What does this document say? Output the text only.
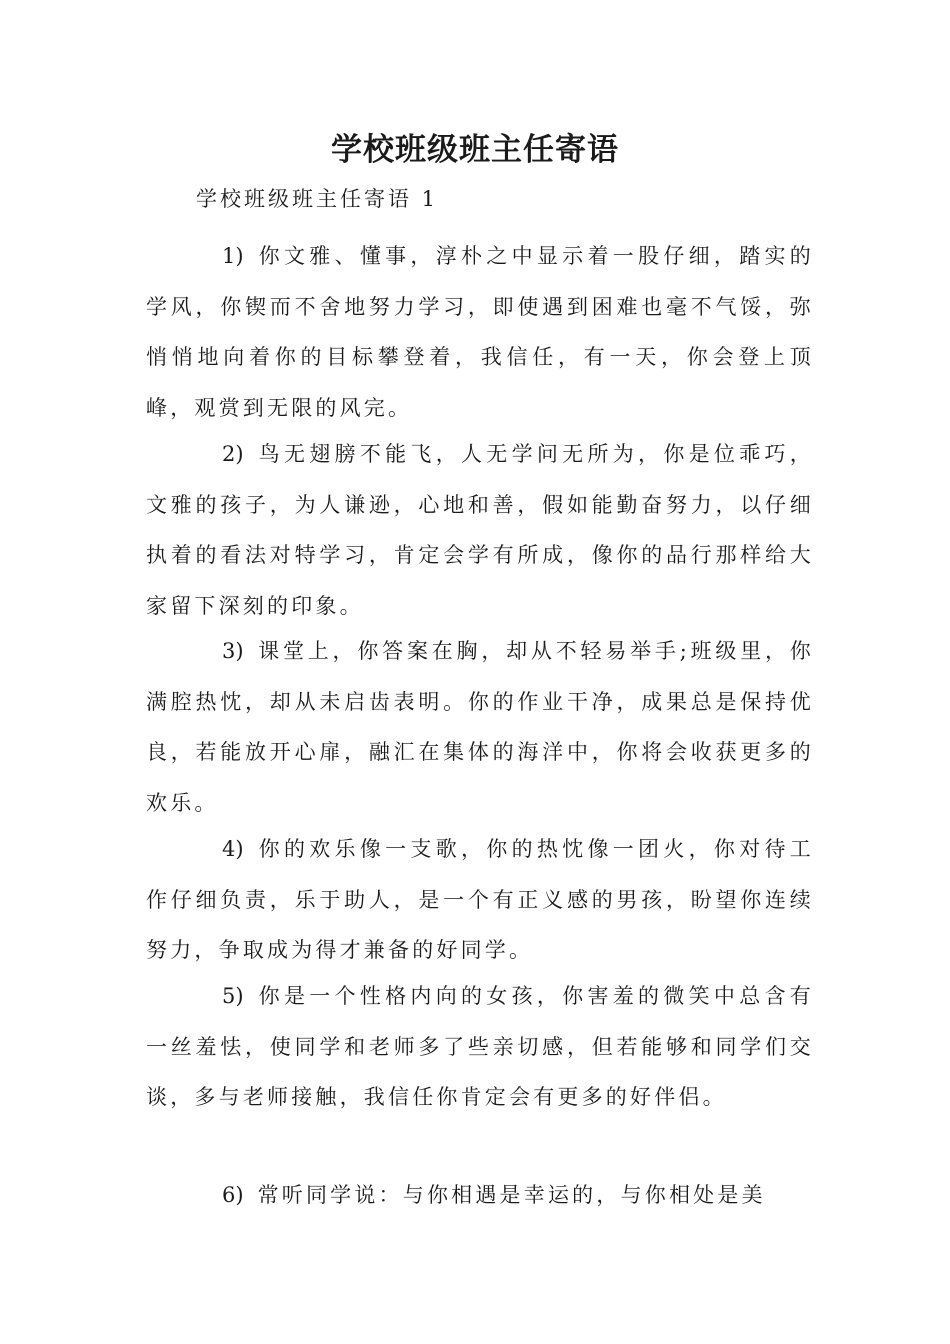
学校班级班主任寄语

学校班级班主任寄语 1

1) 你文雅、懂事，淳朴之中显示着一股仔细，踏实的学风，你锲而不舍地努力学习，即使遇到困难也毫不气馁，弥悄悄地向着你的目标攀登着，我信任，有一天，你会登上顶峰，观赏到无限的风完。

2) 鸟无翅膀不能飞，人无学问无所为，你是位乖巧，文雅的孩子，为人谦逊，心地和善，假如能勤奋努力，以仔细执着的看法对特学习，肯定会学有所成，像你的品行那样给大家留下深刻的印象。

3) 课堂上，你答案在胸，却从不轻易举手;班级里，你满腔热忱，却从未启齿表明。你的作业干净，成果总是保持优良，若能放开心扉，融汇在集体的海洋中，你将会收获更多的欢乐。

4) 你的欢乐像一支歌，你的热忱像一团火，你对待工作仔细负责，乐于助人，是一个有正义感的男孩，盼望你连续努力，争取成为得才兼备的好同学。

5) 你是一个性格内向的女孩，你害羞的微笑中总含有一丝羞怯，使同学和老师多了些亲切感，但若能够和同学们交谈，多与老师接触，我信任你肯定会有更多的好伴侣。

6) 常听同学说：与你相遇是幸运的，与你相处是美
